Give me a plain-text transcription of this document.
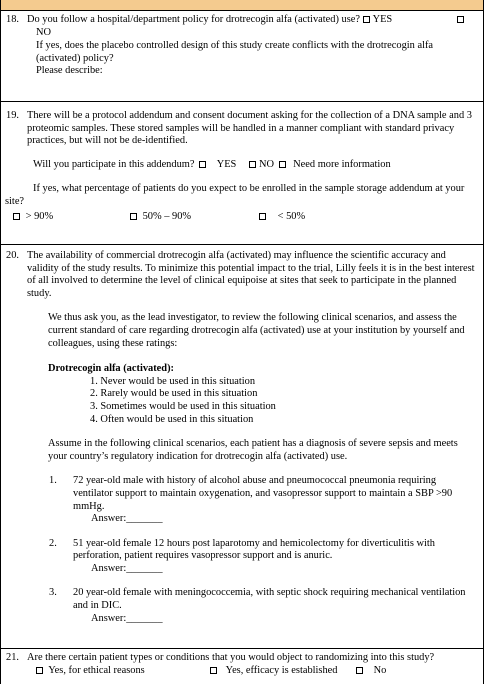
18. Do you follow a hospital/department policy for drotrecogin alfa (activated) use? YES

NO

If yes, does the placebo controlled design of this study create conflicts with the drotrecogin alfa (activated) policy?

Please describe:

19. There will be a protocol addendum and consent document asking for the collection of a DNA sample and 3 proteomic samples. These stored samples will be handled in a manner compliant with standard privacy practices, but will not be de-identified.

Will you participate in this addendum? YES NO Need more information

If yes, what percentage of patients do you expect to be enrolled in the sample storage addendum at your site?

> 90%	50% – 90%	< 50%
20. The availability of commercial drotrecogin alfa (activated) may influence the scientific accuracy and validity of the study results. To minimize this potential impact to the trial, Lilly feels it is in the best interest of all involved to determine the level of clinical equipoise at sites that seek to participate in the planned study.

We thus ask you, as the lead investigator, to review the following clinical scenarios, and assess the current standard of care regarding drotrecogin alfa (activated) use at your institution by yourself and colleagues, using these ratings:

Drotrecogin alfa (activated):

1. Never would be used in this situation

2. Rarely would be used in this situation

3. Sometimes would be used in this situation

4. Often would be used in this situation

Assume in the following clinical scenarios, each patient has a diagnosis of severe sepsis and meets your country’s regulatory indication for drotrecogin alfa (activated) use.

1. 72 year-old male with history of alcohol abuse and pneumococcal pneumonia requiring ventilator support to maintain oxygenation, and vasopressor support to maintain a SBP >90 mmHg.

Answer:_______

2. 51 year-old female 12 hours post laparotomy and hemicolectomy for diverticulitis with perforation, patient requires vasopressor support and is anuric.

Answer:_______

3. 20 year-old female with meningococcemia, with septic shock requiring mechanical ventilation and in DIC.

Answer:_______

21. Are there certain patient types or conditions that you would object to randomizing into this study?

Yes, for ethical reasons	Yes, efficacy is established	No
